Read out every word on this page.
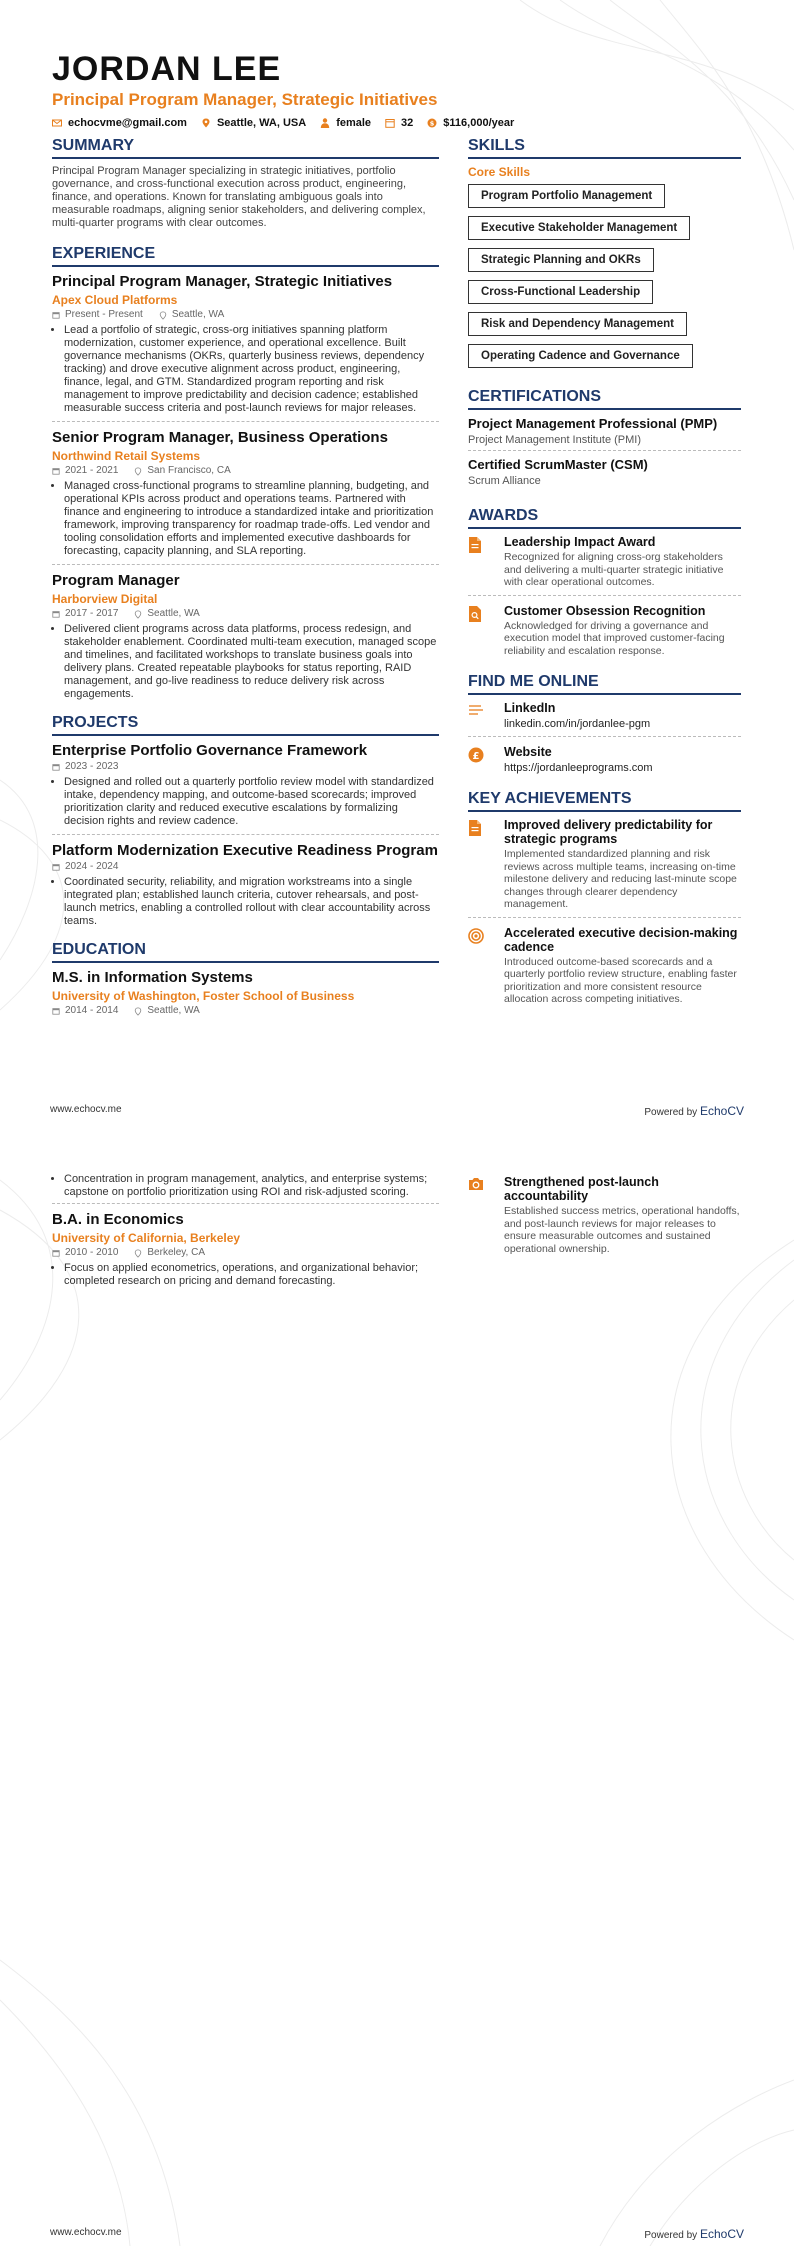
JORDAN LEE
Principal Program Manager, Strategic Initiatives
echocvme@gmail.com	Seattle, WA, USA	female	32	$ $116,000/year
SUMMARY

Principal Program Manager specializing in strategic initiatives, portfolio governance, and cross-functional execution across product, engineering, finance, and operations. Known for translating ambiguous goals into measurable roadmaps, aligning senior stakeholders, and delivering complex, multi-quarter programs with clear outcomes.

EXPERIENCE
Principal Program Manager, Strategic Initiatives
Apex Cloud Platforms
Present - Present	Seattle, WA
• Lead a portfolio of strategic, cross-org initiatives spanning platform modernization, customer experience, and operational excellence. Built governance mechanisms (OKRs, quarterly business reviews, dependency tracking) and drove executive alignment across product, engineering, finance, legal, and GTM. Standardized program reporting and risk management to improve predictability and decision cadence; established measurable success criteria and post-launch reviews for major releases.
Senior Program Manager, Business Operations
Northwind Retail Systems
2021 - 2021	San Francisco, CA
• Managed cross-functional programs to streamline planning, budgeting, and operational KPIs across product and operations teams. Partnered with finance and engineering to introduce a standardized intake and prioritization framework, improving transparency for roadmap trade-offs. Led vendor and tooling consolidation efforts and implemented executive dashboards for forecasting, capacity planning, and SLA reporting.
Program Manager
Harborview Digital
2017 - 2017	Seattle, WA
• Delivered client programs across data platforms, process redesign, and stakeholder enablement. Coordinated multi-team execution, managed scope and timelines, and facilitated workshops to translate business goals into delivery plans. Created repeatable playbooks for status reporting, RAID management, and go-live readiness to reduce delivery risk across engagements.
PROJECTS
Enterprise Portfolio Governance Framework
2023 - 2023
• Designed and rolled out a quarterly portfolio review model with standardized intake, dependency mapping, and outcome-based scorecards; improved prioritization clarity and reduced executive escalations by formalizing decision rights and review cadence.
Platform Modernization Executive Readiness Program
2024 - 2024
• Coordinated security, reliability, and migration workstreams into a single integrated plan; established launch criteria, cutover rehearsals, and post-launch metrics, enabling a controlled rollout with clear accountability across teams.
EDUCATION
M.S. in Information Systems
University of Washington, Foster School of Business
2014 - 2014	Seattle, WA
SKILLS
Core Skills
Program Portfolio Management
Executive Stakeholder Management
Strategic Planning and OKRs
Cross-Functional Leadership
Risk and Dependency Management
Operating Cadence and Governance
CERTIFICATIONS
Project Management Professional (PMP)
Project Management Institute (PMI)
Certified ScrumMaster (CSM)
Scrum Alliance
AWARDS
Leadership Impact Award
Recognized for aligning cross-org stakeholders and delivering a multi-quarter strategic initiative with clear operational outcomes.
Customer Obsession Recognition
Acknowledged for driving a governance and execution model that improved customer-facing reliability and escalation response.
FIND ME ONLINE
LinkedIn
linkedin.com/in/jordanlee-pgm
£ Website
https://jordanleeprograms.com
KEY ACHIEVEMENTS
Improved delivery predictability for strategic programs
Implemented standardized planning and risk reviews across multiple teams, increasing on-time milestone delivery and reducing last-minute scope changes through clearer dependency management.
Accelerated executive decision-making cadence
Introduced outcome-based scorecards and a quarterly portfolio review structure, enabling faster prioritization and more consistent resource allocation across competing initiatives.
www.echocv.me	Powered by EchoCV
• Concentration in program management, analytics, and enterprise systems; capstone on portfolio prioritization using ROI and risk-adjusted scoring.
B.A. in Economics
University of California, Berkeley
2010 - 2010	Berkeley, CA
• Focus on applied econometrics, operations, and organizational behavior; completed research on pricing and demand forecasting.
Strengthened post-launch accountability
Established success metrics, operational handoffs, and post-launch reviews for major releases to ensure measurable outcomes and sustained operational ownership.
www.echocv.me	Powered by EchoCV
